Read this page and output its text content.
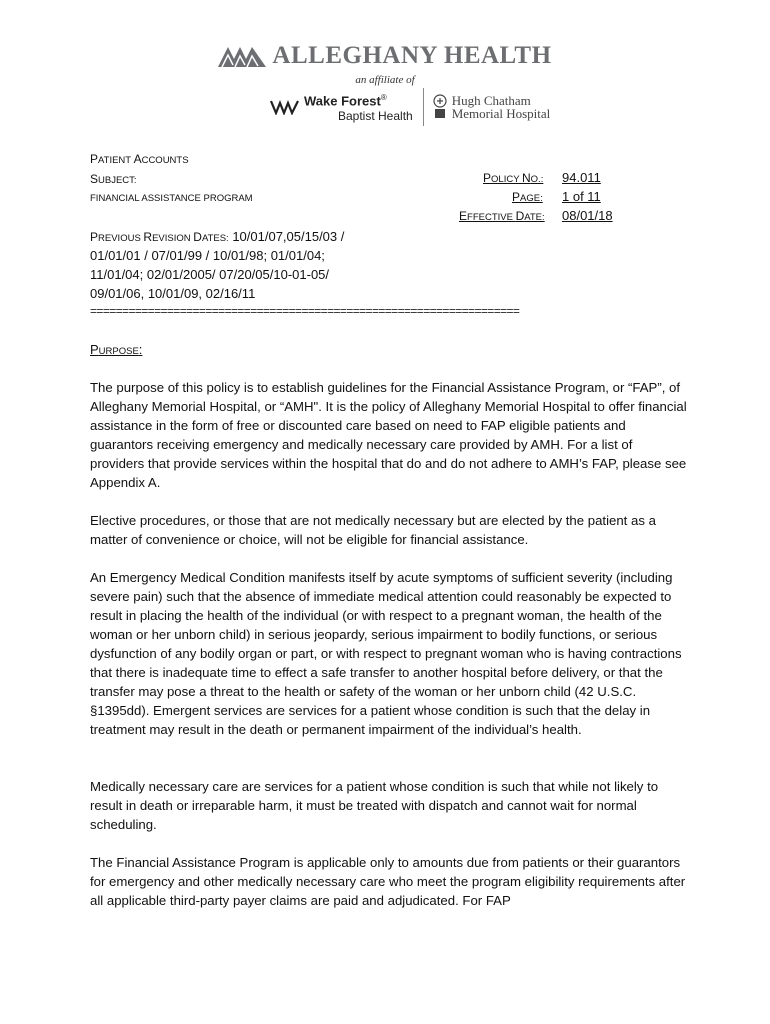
ALLEGHANY HEALTH
an affiliate of
Wake Forest®
Baptist Health
Hugh Chatham
Memorial Hospital
PATIENT ACCOUNTS
SUBJECT:
FINANCIAL ASSISTANCE PROGRAM
POLICY NO.: 94.011
PAGE: 1 of 11
EFFECTIVE DATE: 08/01/18
PREVIOUS REVISION DATES: 10/01/07,05/15/03 /
01/01/01 / 07/01/99 / 10/01/98; 01/01/04;
11/01/04; 02/01/2005/ 07/20/05/10-01-05/
09/01/06, 10/01/09, 02/16/11
===================================================================
PURPOSE:

The purpose of this policy is to establish guidelines for the Financial Assistance Program, or “FAP”, of Alleghany Memorial Hospital, or “AMH". It is the policy of Alleghany Memorial Hospital to offer financial assistance in the form of free or discounted care based on need to FAP eligible patients and guarantors receiving emergency and medically necessary care provided by AMH. For a list of providers that provide services within the hospital that do and do not adhere to AMH’s FAP, please see Appendix A.

Elective procedures, or those that are not medically necessary but are elected by the patient as a matter of convenience or choice, will not be eligible for financial assistance.

An Emergency Medical Condition manifests itself by acute symptoms of sufficient severity (including severe pain) such that the absence of immediate medical attention could reasonably be expected to result in placing the health of the individual (or with respect to a pregnant woman, the health of the woman or her unborn child) in serious jeopardy, serious impairment to bodily functions, or serious dysfunction of any bodily organ or part, or with respect to pregnant woman who is having contractions that there is inadequate time to effect a safe transfer to another hospital before delivery, or that the transfer may pose a threat to the health or safety of the woman or her unborn child (42 U.S.C. §1395dd). Emergent services are services for a patient whose condition is such that the delay in treatment may result in the death or permanent impairment of the individual’s health.

Medically necessary care are services for a patient whose condition is such that while not likely to result in death or irreparable harm, it must be treated with dispatch and cannot wait for normal scheduling.

The Financial Assistance Program is applicable only to amounts due from patients or their guarantors for emergency and other medically necessary care who meet the program eligibility requirements after all applicable third-party payer claims are paid and adjudicated. For FAP
